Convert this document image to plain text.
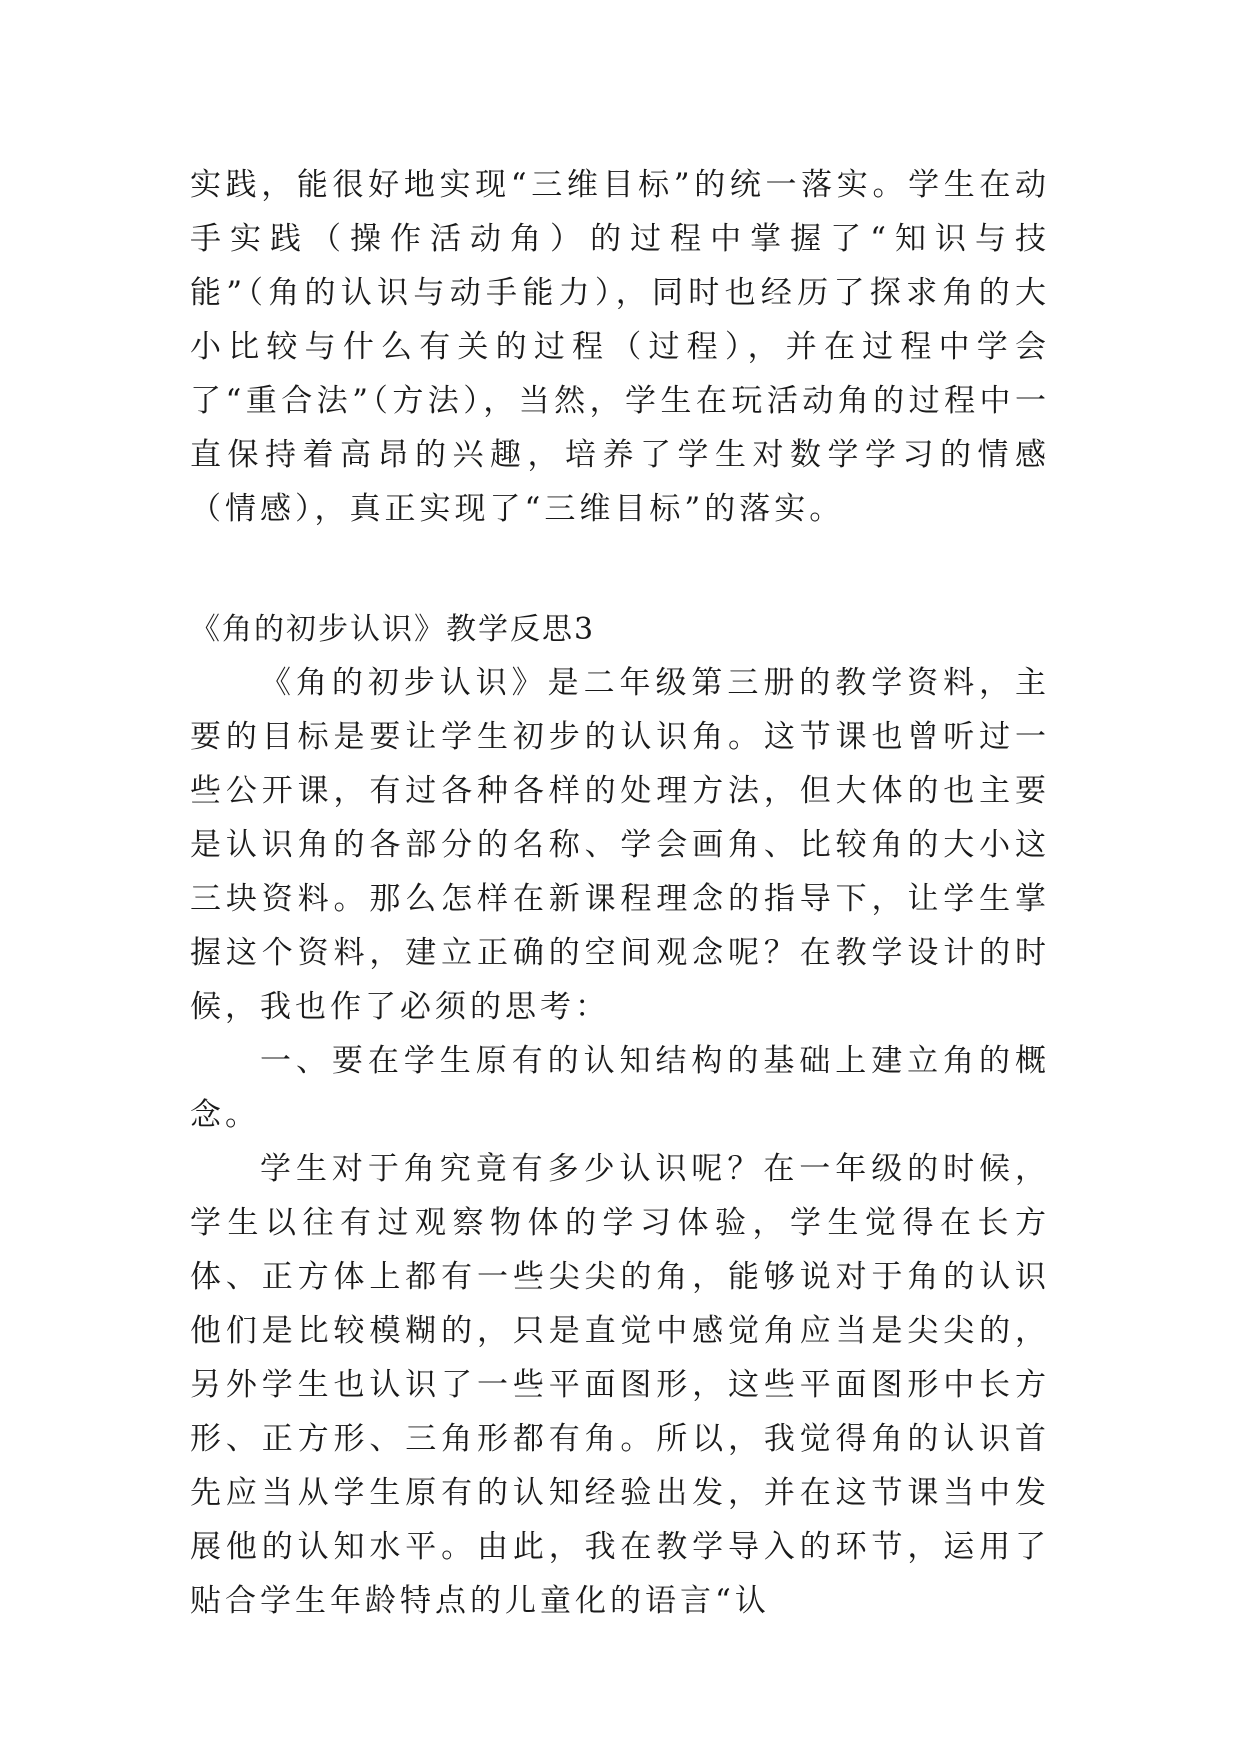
实践，能很好地实现“三维目标”的统一落实。学生在动手实践（操作活动角）的过程中掌握了“知识与技能”（角的认识与动手能力），同时也经历了探求角的大小比较与什么有关的过程（过程），并在过程中学会了“重合法”（方法），当然，学生在玩活动角的过程中一直保持着高昂的兴趣，培养了学生对数学学习的情感（情感），真正实现了“三维目标”的落实。

《角的初步认识》教学反思3

《角的初步认识》是二年级第三册的教学资料，主要的目标是要让学生初步的认识角。这节课也曾听过一些公开课，有过各种各样的处理方法，但大体的也主要是认识角的各部分的名称、学会画角、比较角的大小这三块资料。那么怎样在新课程理念的指导下，让学生掌握这个资料，建立正确的空间观念呢？在教学设计的时候，我也作了必须的思考：

一、要在学生原有的认知结构的基础上建立角的概念。

学生对于角究竟有多少认识呢？在一年级的时候，学生以往有过观察物体的学习体验，学生觉得在长方体、正方体上都有一些尖尖的角，能够说对于角的认识他们是比较模糊的，只是直觉中感觉角应当是尖尖的，另外学生也认识了一些平面图形，这些平面图形中长方形、正方形、三角形都有角。所以，我觉得角的认识首先应当从学生原有的认知经验出发，并在这节课当中发展他的认知水平。由此，我在教学导入的环节，运用了贴合学生年龄特点的儿童化的语言“认
